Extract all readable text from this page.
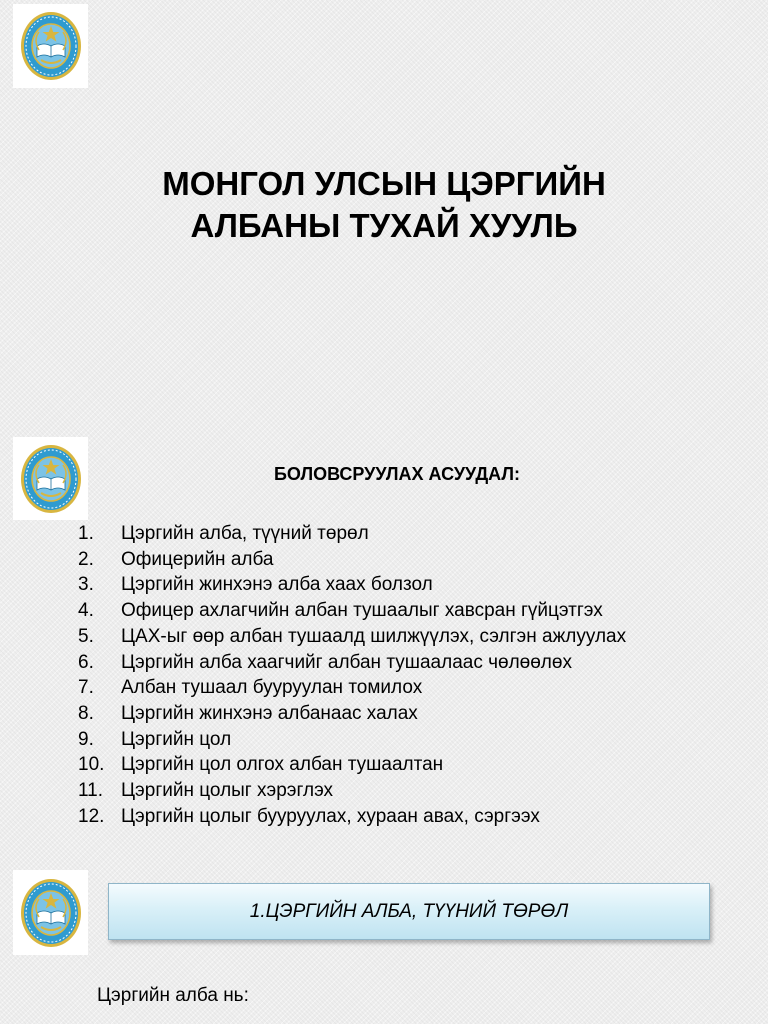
МОНГОЛ УЛСЫН ЦЭРГИЙН
АЛБАНЫ ТУХАЙ ХУУЛЬ
БОЛОВСРУУЛАХ АСУУДАЛ:
1.	Цэргийн алба, түүний төрөл
2.	Офицерийн алба
3.	Цэргийн жинхэнэ алба хаах болзол
4.	Офицер ахлагчийн албан тушаалыг хавсран гүйцэтгэх
5.	ЦАХ-ыг өөр албан тушаалд шилжүүлэх, сэлгэн ажлуулах
6.	Цэргийн алба хаагчийг албан тушаалаас чөлөөлөх
7.	Албан тушаал бууруулан томилох
8.	Цэргийн жинхэнэ албанаас халах
9.	Цэргийн цол
10. Цэргийн цол олгох албан тушаалтан
11. Цэргийн цолыг хэрэглэх
12. Цэргийн цолыг бууруулах, хураан авах, сэргээх
1.ЦЭРГИЙН АЛБА, ТҮҮНИЙ ТӨРӨЛ

Цэргийн алба нь:
